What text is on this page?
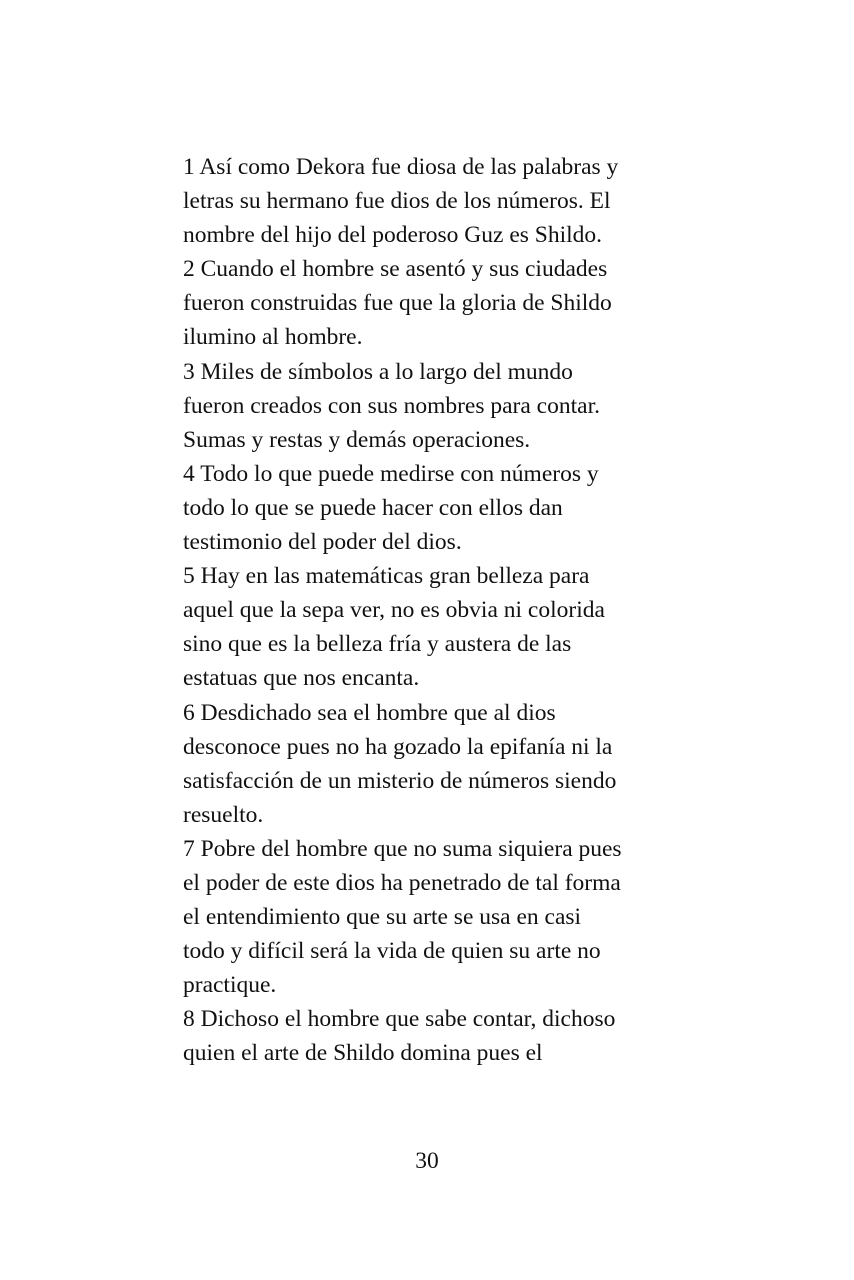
1 Así como Dekora fue diosa de las palabras y
letras su hermano fue dios de los números. El
nombre del hijo del poderoso Guz es Shildo.
2 Cuando el hombre se asentó y sus ciudades
fueron construidas fue que la gloria de Shildo
ilumino al hombre.
3 Miles de símbolos a lo largo del mundo
fueron creados con sus nombres para contar.
Sumas y restas y demás operaciones.
4 Todo lo que puede medirse con números y
todo lo que se puede hacer con ellos dan
testimonio del poder del dios.
5 Hay en las matemáticas gran belleza para
aquel que la sepa ver, no es obvia ni colorida
sino que es la belleza fría y austera de las
estatuas que nos encanta.
6 Desdichado sea el hombre que al dios
desconoce pues no ha gozado la epifanía ni la
satisfacción de un misterio de números siendo
resuelto.
7 Pobre del hombre que no suma siquiera pues
el poder de este dios ha penetrado de tal forma
el entendimiento que su arte se usa en casi
todo y difícil será la vida de quien su arte no
practique.
8 Dichoso el hombre que sabe contar, dichoso
quien el arte de Shildo domina pues el
30
